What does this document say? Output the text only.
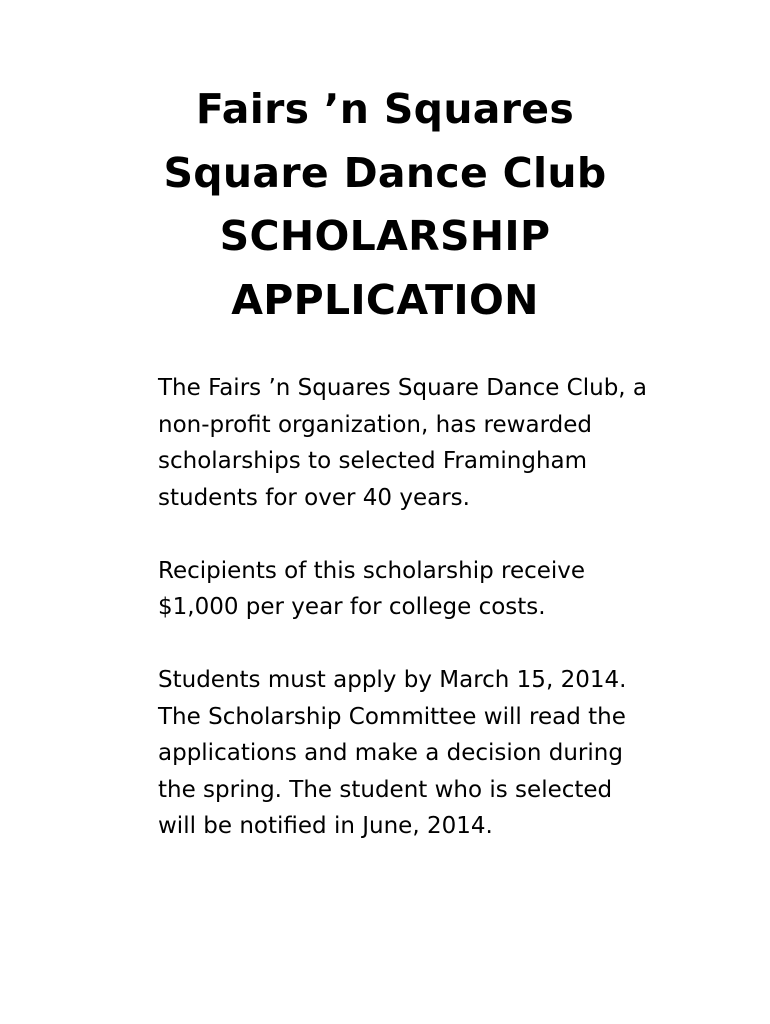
Fairs ’n Squares
Square Dance Club
SCHOLARSHIP
APPLICATION

The Fairs ’n Squares Square Dance Club, a
non-profit organization, has rewarded
scholarships to selected Framingham
students for over 40 years.

Recipients of this scholarship receive
$1,000 per year for college costs.

Students must apply by March 15, 2014.
The Scholarship Committee will read the
applications and make a decision during
the spring. The student who is selected
will be notified in June, 2014.
